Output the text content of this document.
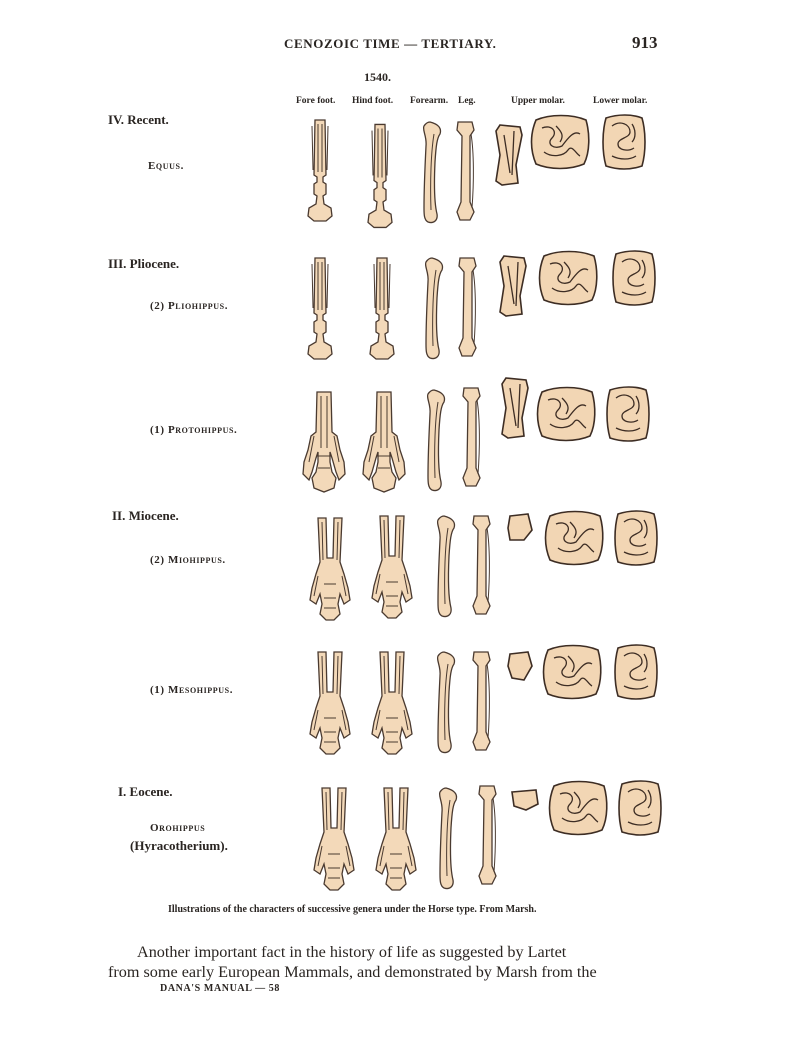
CENOZOIC TIME — TERTIARY.	913
1540.
Fore foot. Hind foot. Forearm. Leg.	Upper molar.	Lower molar.
IV. Recent.
Equus.
III. Pliocene.
(2) Pliohippus.
(1) Protohippus.
II. Miocene.
(2) Miohippus.
(1) Mesohippus.
I. Eocene.
Orohippus
(Hyracotherium).
Illustrations of the characters of successive genera under the Horse type. From Marsh.
Another important fact in the history of life as suggested by Lartet
from some early European Mammals, and demonstrated by Marsh from the
DANA'S MANUAL — 58
